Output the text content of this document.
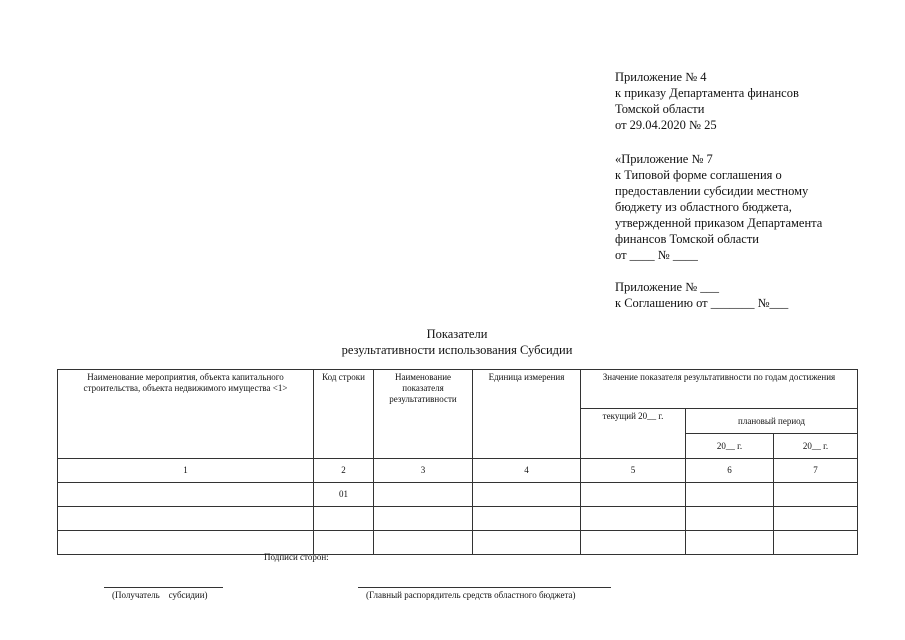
Приложение № 4
к приказу Департамента финансов
Томской области
от 29.04.2020 № 25
«Приложение № 7
к Типовой форме соглашения о
предоставлении субсидии местному
бюджету из областного бюджета,
утвержденной приказом Департамента
финансов Томской области
от ____ № ____
Приложение № ___
к Соглашению от _______ №___
Показатели
результативности использования Субсидии
Наименование мероприятия, объекта капитального строительства, объекта недвижимого имущества <1>	Код строки	Наименование показателя результативности	Единица измерения	Значение показателя результативности по годам достижения		
				текущий 20__ г.	плановый период	
					20__ г.	20__ г.
1	2	3	4	5	6	7
	01					

Подписи сторон:
(Получатель    субсидии)	(Главный распорядитель средств областного бюджета)
